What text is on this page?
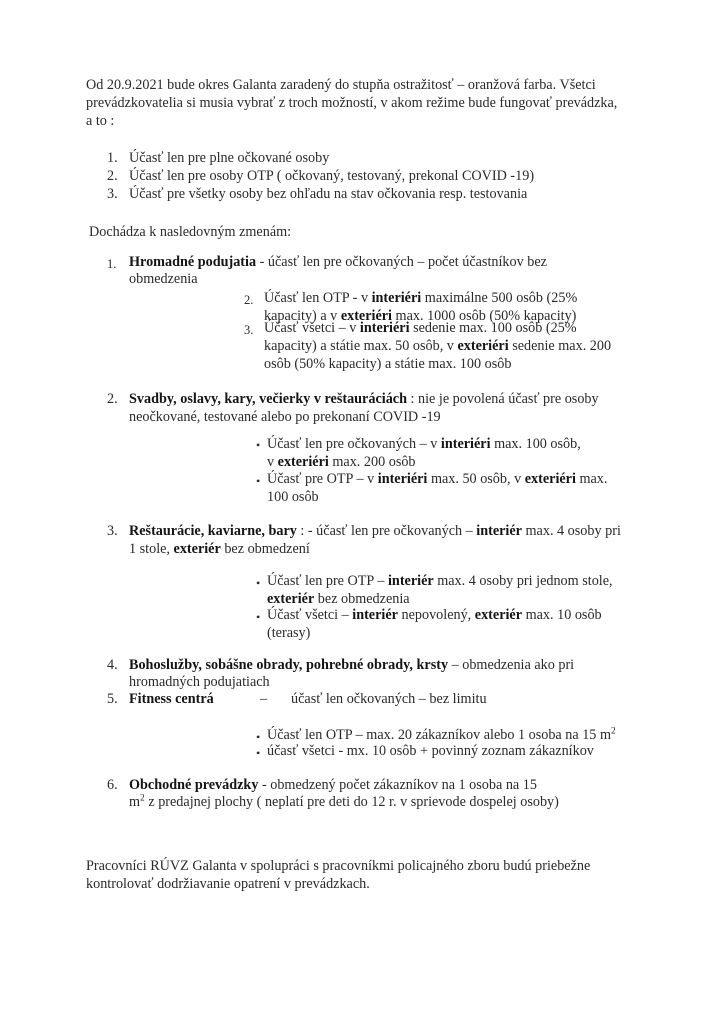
Od 20.9.2021 bude okres Galanta zaradený do stupňa ostražitosť – oranžová farba. Všetci
prevádzkovatelia si musia vybrať z troch možností, v akom režime bude fungovať prevádzka,
a to :
1. Účasť len pre plne očkované osoby
2. Účasť len pre osoby OTP ( očkovaný, testovaný, prekonal COVID -19)
3. Účasť pre všetky osoby bez ohľadu na stav očkovania resp. testovania
Dochádza k nasledovným zmenám:
1. Hromadné podujatia - účasť len pre očkovaných – počet účastníkov bez
obmedzenia
2. Účasť len OTP - v interiéri maximálne 500 osôb (25%
kapacity) a v exteriéri max. 1000 osôb (50% kapacity)
3. Účasť všetci – v interiéri sedenie max. 100 osôb (25%
kapacity) a státie max. 50 osôb, v exteriéri sedenie max. 200
osôb (50% kapacity) a státie max. 100 osôb
2. Svadby, oslavy, kary, večierky v reštauráciách : nie je povolená účasť pre osoby
neočkované, testované alebo po prekonaní COVID -19
• Účasť len pre očkovaných – v interiéri max. 100 osôb,
v exteriéri max. 200 osôb
• Účasť pre OTP – v interiéri max. 50 osôb, v exteriéri max.
100 osôb
3. Reštaurácie, kaviarne, bary : - účasť len pre očkovaných – interiér max. 4 osoby pri
1 stole, exteriér bez obmedzení
• Účasť len pre OTP – interiér max. 4 osoby pri jednom stole,
exteriér bez obmedzenia
• Účasť všetci – interiér nepovolený, exteriér max. 10 osôb
(terasy)
4. Bohoslužby, sobášne obrady, pohrebné obrady, krsty – obmedzenia ako pri
hromadných podujatiach
5. Fitness centrá	– účasť len očkovaných – bez limitu
• Účasť len OTP – max. 20 zákazníkov alebo 1 osoba na 15 $m^2$
• účasť všetci - mx. 10 osôb + povinný zoznam zákazníkov
6. Obchodné prevádzky - obmedzený počet zákazníkov na 1 osoba na 15
$m^2$ z predajnej plochy ( neplatí pre deti do 12 r. v sprievode dospelej osoby)
Pracovníci RÚVZ Galanta v spolupráci s pracovníkmi policajného zboru budú priebežne
kontrolovať dodržiavanie opatrení v prevádzkach.
